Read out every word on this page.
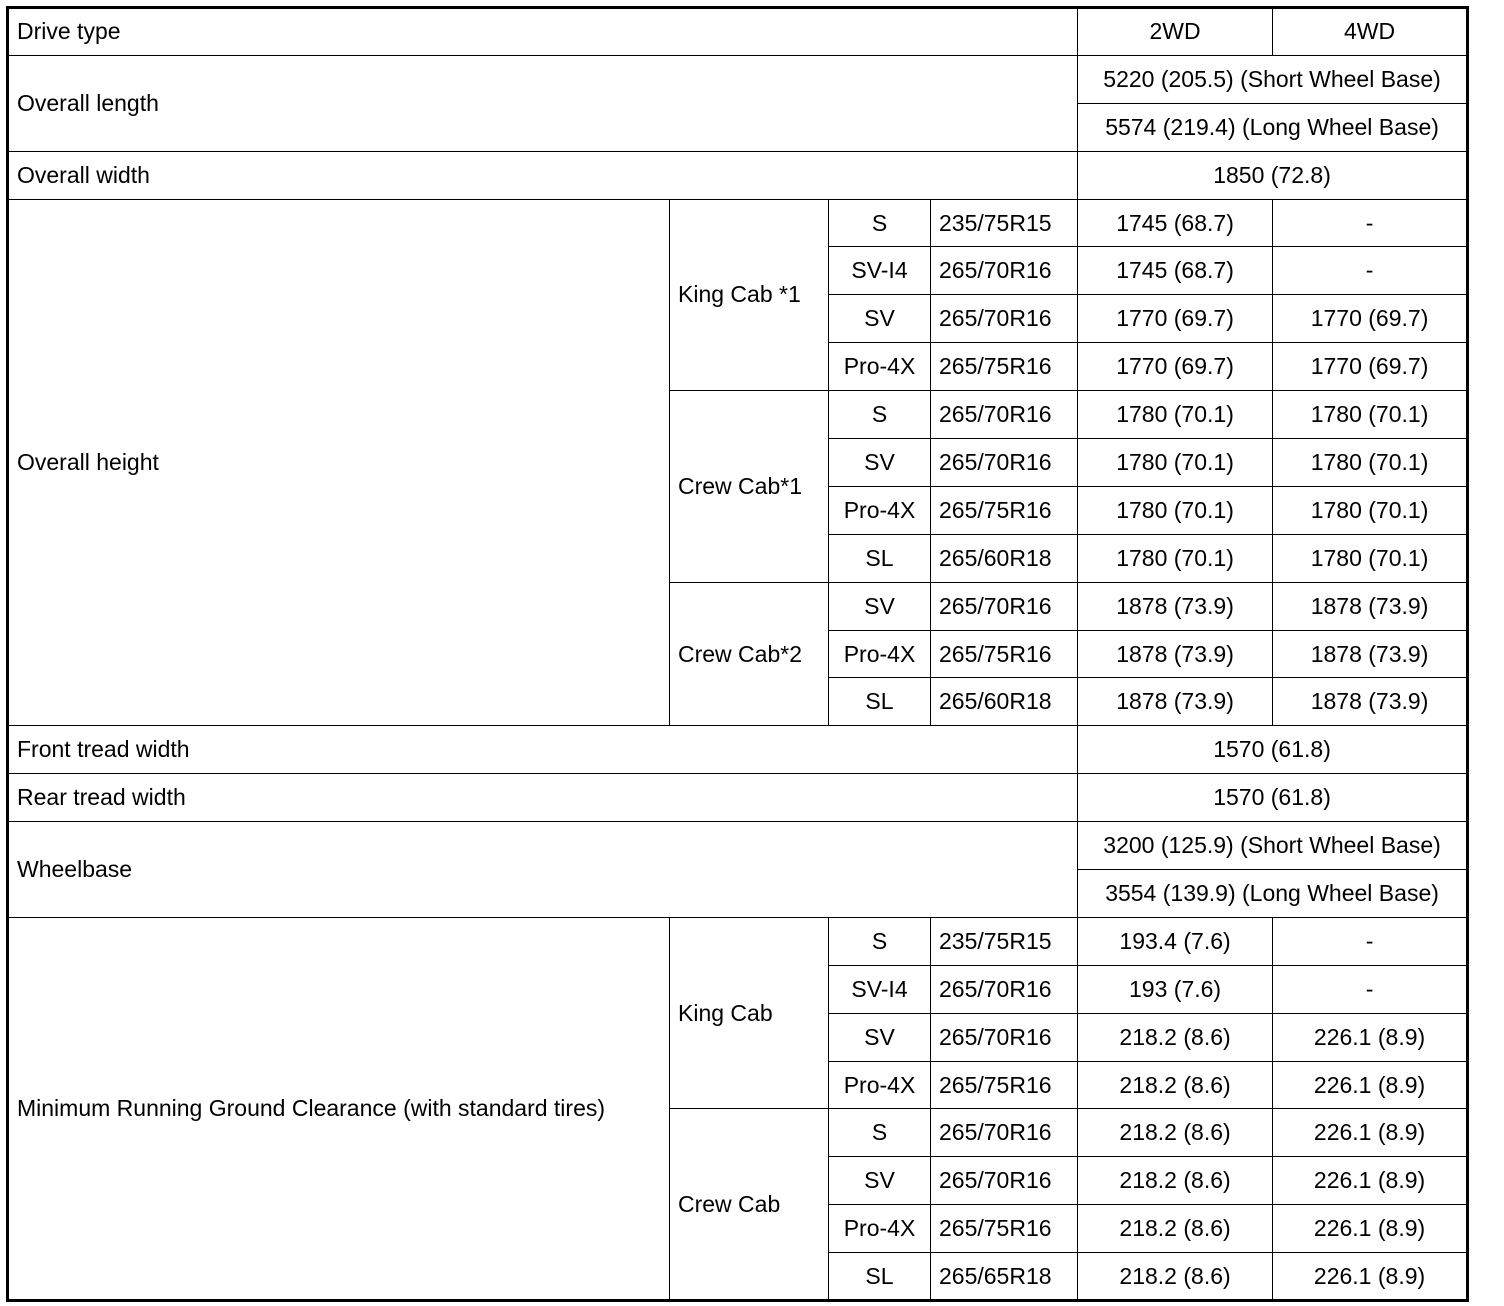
Drive type				2WD	4WD
Overall length				5220 (205.5) (Short Wheel Base)	
				5574 (219.4) (Long Wheel Base)	
Overall width				1850 (72.8)	
Overall height	King Cab *1	S	235/75R15	1745 (68.7)	-
		SV-I4	265/70R16	1745 (68.7)	-
		SV	265/70R16	1770 (69.7)	1770 (69.7)
		Pro-4X	265/75R16	1770 (69.7)	1770 (69.7)
	Crew Cab*1	S	265/70R16	1780 (70.1)	1780 (70.1)
		SV	265/70R16	1780 (70.1)	1780 (70.1)
		Pro-4X	265/75R16	1780 (70.1)	1780 (70.1)
		SL	265/60R18	1780 (70.1)	1780 (70.1)
	Crew Cab*2	SV	265/70R16	1878 (73.9)	1878 (73.9)
		Pro-4X	265/75R16	1878 (73.9)	1878 (73.9)
		SL	265/60R18	1878 (73.9)	1878 (73.9)
Front tread width				1570 (61.8)	
Rear tread width				1570 (61.8)	
Wheelbase				3200 (125.9) (Short Wheel Base)	
				3554 (139.9) (Long Wheel Base)	
Minimum Running Ground Clearance (with standard tires)	King Cab	S	235/75R15	193.4 (7.6)	-
		SV-I4	265/70R16	193 (7.6)	-
		SV	265/70R16	218.2 (8.6)	226.1 (8.9)
		Pro-4X	265/75R16	218.2 (8.6)	226.1 (8.9)
	Crew Cab	S	265/70R16	218.2 (8.6)	226.1 (8.9)
		SV	265/70R16	218.2 (8.6)	226.1 (8.9)
		Pro-4X	265/75R16	218.2 (8.6)	226.1 (8.9)
		SL	265/65R18	218.2 (8.6)	226.1 (8.9)
